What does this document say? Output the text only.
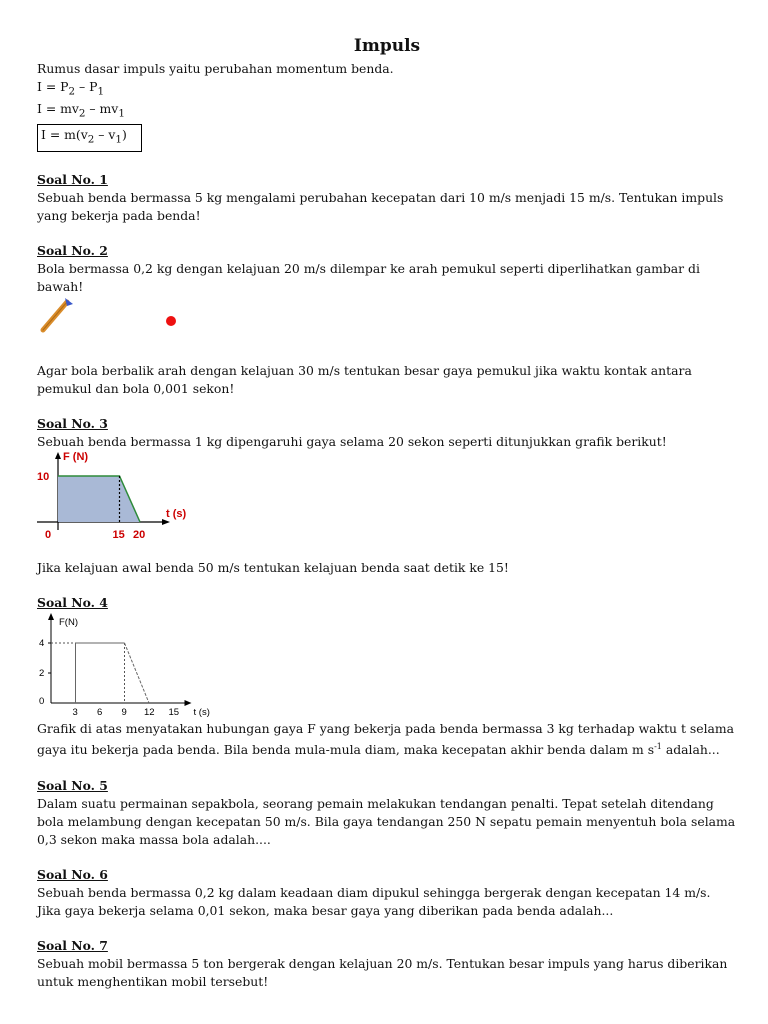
Impuls

Rumus dasar impuls yaitu perubahan momentum benda.

$I = P_2 - P_1$

$I = mv_2 - mv_1$

$I = m(v_2 - v_1)$
Soal No. 1

Sebuah benda bermassa 5 kg mengalami perubahan kecepatan dari 10 m/s menjadi 15 m/s. Tentukan impuls yang bekerja pada benda!

Soal No. 2

Bola bermassa 0,2 kg dengan kelajuan 20 m/s dilempar ke arah pemukul seperti diperlihatkan gambar di bawah!

Agar bola berbalik arah dengan kelajuan 30 m/s tentukan besar gaya pemukul jika waktu kontak antara pemukul dan bola 0,001 sekon!

Soal No. 3

Sebuah benda bermassa 1 kg dipengaruhi gaya selama 20 sekon seperti ditunjukkan grafik berikut!

F (N)
t (s)
10
0	15 20

Jika kelajuan awal benda 50 m/s tentukan kelajuan benda saat detik ke 15!

Soal No. 4
F(N)
4
2
0
3 6 9 12 15 t (s)

Grafik di atas menyatakan hubungan gaya F yang bekerja pada benda bermassa 3 kg terhadap waktu t selama gaya itu bekerja pada benda. Bila benda mula-mula diam, maka kecepatan akhir benda dalam m $s^{-1}$ adalah...

Soal No. 5

Dalam suatu permainan sepakbola, seorang pemain melakukan tendangan penalti. Tepat setelah ditendang bola melambung dengan kecepatan 50 m/s. Bila gaya tendangan 250 N sepatu pemain menyentuh bola selama 0,3 sekon maka massa bola adalah....

Soal No. 6

Sebuah benda bermassa 0,2 kg dalam keadaan diam dipukul sehingga bergerak dengan kecepatan 14 m/s. Jika gaya bekerja selama 0,01 sekon, maka besar gaya yang diberikan pada benda adalah...

Soal No. 7

Sebuah mobil bermassa 5 ton bergerak dengan kelajuan 20 m/s. Tentukan besar impuls yang harus diberikan untuk menghentikan mobil tersebut!
